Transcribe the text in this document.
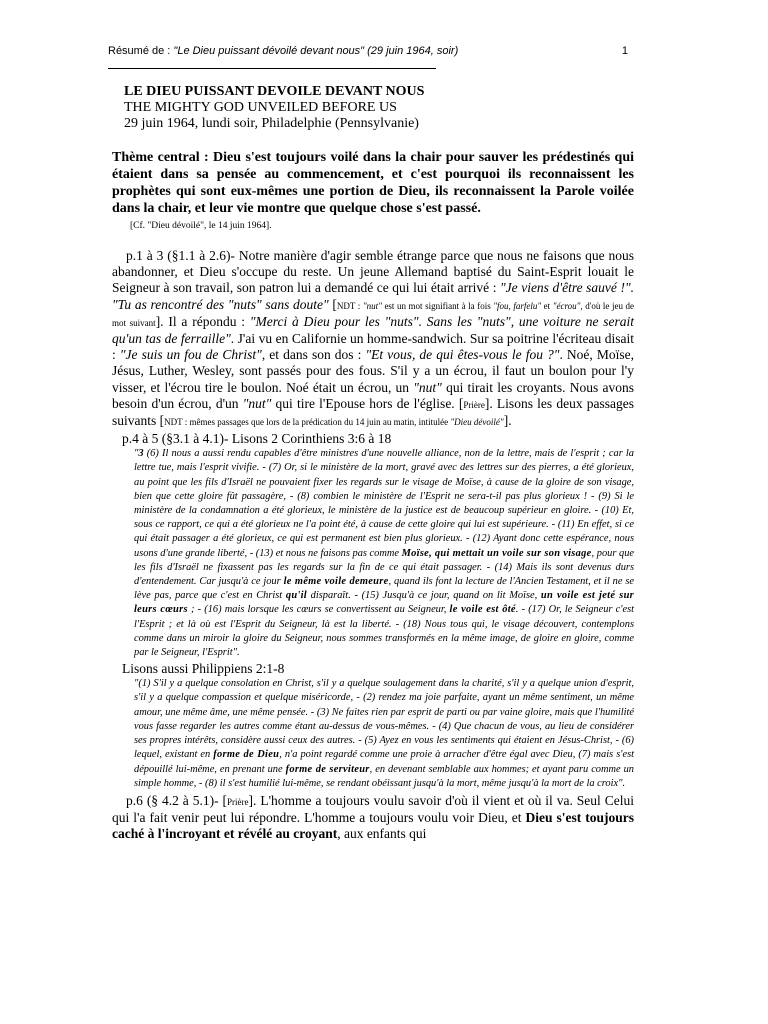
Résumé de : "Le Dieu puissant dévoilé devant nous" (29 juin 1964, soir)	1
LE DIEU PUISSANT DEVOILE DEVANT NOUS
THE MIGHTY GOD UNVEILED BEFORE US
29 juin 1964, lundi soir, Philadelphie (Pennsylvanie)
Thème central : Dieu s'est toujours voilé dans la chair pour sauver les prédestinés qui étaient dans sa pensée au commencement, et c'est pourquoi ils reconnaissent les prophètes qui sont eux-mêmes une portion de Dieu, ils reconnaissent la Parole voilée dans la chair, et leur vie montre que quelque chose s'est passé.
[Cf. "Dieu dévoilé", le 14 juin 1964].
p.1 à 3 (§1.1 à 2.6)- Notre manière d'agir semble étrange parce que nous ne faisons que nous abandonner, et Dieu s'occupe du reste. Un jeune Allemand baptisé du Saint-Esprit louait le Seigneur à son travail, son patron lui a demandé ce qui lui était arrivé : "Je viens d'être sauvé !". "Tu as rencontré des "nuts" sans doute" [NDT : "nut" est un mot signifiant à la fois "fou, farfelu" et "écrou", d'où le jeu de mot suivant]. Il a répondu : "Merci à Dieu pour les "nuts". Sans les "nuts", une voiture ne serait qu'un tas de ferraille". J'ai vu en Californie un homme-sandwich. Sur sa poitrine l'écriteau disait : "Je suis un fou de Christ", et dans son dos : "Et vous, de qui êtes-vous le fou ?". Noé, Moïse, Jésus, Luther, Wesley, sont passés pour des fous. S'il y a un écrou, il faut un boulon pour l'y visser, et l'écrou tire le boulon. Noé était un écrou, un "nut" qui tirait les croyants. Nous avons besoin d'un écrou, d'un "nut" qui tire l'Epouse hors de l'église. [Prière]. Lisons les deux passages suivants [NDT : mêmes passages que lors de la prédication du 14 juin au matin, intitulée "Dieu dévoilé"].
p.4 à 5 (§3.1 à 4.1)- Lisons 2 Corinthiens 3:6 à 18
"3 (6) Il nous a aussi rendu capables d'être ministres d'une nouvelle alliance, non de la lettre, mais de l'esprit ; car la lettre tue, mais l'esprit vivifie. - (7) Or, si le ministère de la mort, gravé avec des lettres sur des pierres, a été glorieux, au point que les fils d'Israël ne pouvaient fixer les regards sur le visage de Moïse, à cause de la gloire de son visage, bien que cette gloire fût passagère, - (8) combien le ministère de l'Esprit ne sera-t-il pas plus glorieux ! - (9) Si le ministère de la condamnation a été glorieux, le ministère de la justice est de beaucoup supérieur en gloire. - (10) Et, sous ce rapport, ce qui a été glorieux ne l'a point été, à cause de cette gloire qui lui est supérieure. - (11) En effet, si ce qui était passager a été glorieux, ce qui est permanent est bien plus glorieux. - (12) Ayant donc cette espérance, nous usons d'une grande liberté, - (13) et nous ne faisons pas comme Moïse, qui mettait un voile sur son visage, pour que les fils d'Israël ne fixassent pas les regards sur la fin de ce qui était passager. - (14) Mais ils sont devenus durs d'entendement. Car jusqu'à ce jour le même voile demeure, quand ils font la lecture de l'Ancien Testament, et il ne se lève pas, parce que c'est en Christ qu'il disparaît. - (15) Jusqu'à ce jour, quand on lit Moïse, un voile est jeté sur leurs cœurs ; - (16) mais lorsque les cœurs se convertissent au Seigneur, le voile est ôté. - (17) Or, le Seigneur c'est l'Esprit ; et là où est l'Esprit du Seigneur, là est la liberté. - (18) Nous tous qui, le visage découvert, contemplons comme dans un miroir la gloire du Seigneur, nous sommes transformés en la même image, de gloire en gloire, comme par le Seigneur, l'Esprit".
Lisons aussi Philippiens 2:1-8
"(1) S'il y a quelque consolation en Christ, s'il y a quelque soulagement dans la charité, s'il y a quelque union d'esprit, s'il y a quelque compassion et quelque miséricorde, - (2) rendez ma joie parfaite, ayant un même sentiment, un même amour, une même âme, une même pensée. - (3) Ne faites rien par esprit de parti ou par vaine gloire, mais que l'humilité vous fasse regarder les autres comme étant au-dessus de vous-mêmes. - (4) Que chacun de vous, au lieu de considérer ses propres intérêts, considère aussi ceux des autres. - (5) Ayez en vous les sentiments qui étaient en Jésus-Christ, - (6) lequel, existant en forme de Dieu, n'a point regardé comme une proie à arracher d'être égal avec Dieu, (7) mais s'est dépouillé lui-même, en prenant une forme de serviteur, en devenant semblable aux hommes; et ayant paru comme un simple homme, - (8) il s'est humilié lui-même, se rendant obéissant jusqu'à la mort, même jusqu'à la mort de la croix".
p.6 (§ 4.2 à 5.1)- [Prière]. L'homme a toujours voulu savoir d'où il vient et où il va. Seul Celui qui l'a fait venir peut lui répondre. L'homme a toujours voulu voir Dieu, et Dieu s'est toujours caché à l'incroyant et révélé au croyant, aux enfants qui
